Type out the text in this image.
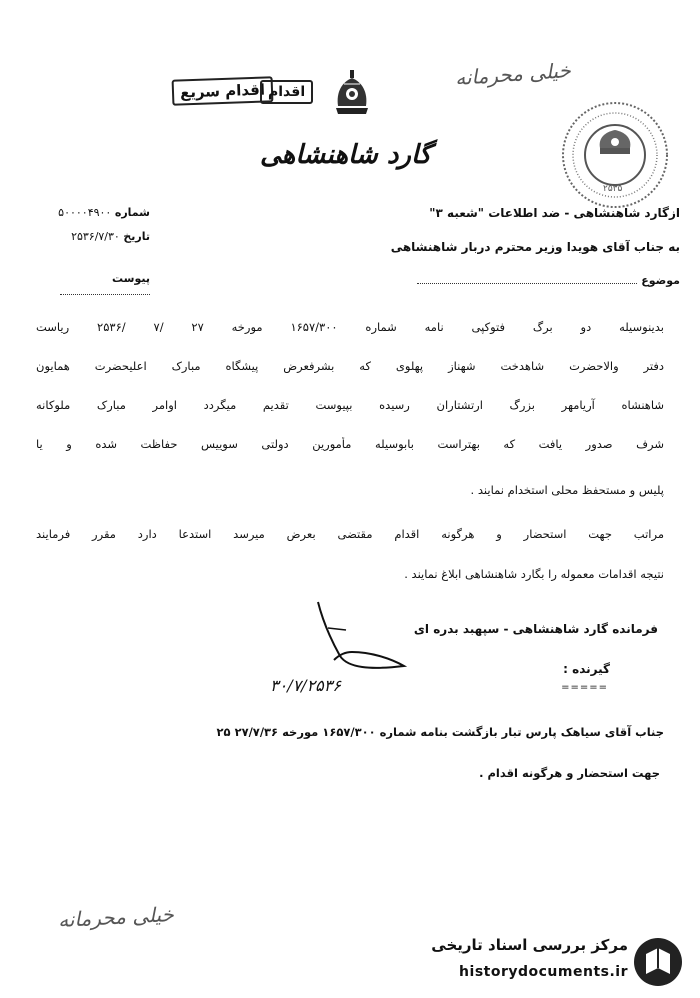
خیلی محرمانه
اقدام سریع اقدام
گارد شاهنشاهی
۲۵۳۵
شماره ۵۰۰۰۰۴۹۰۰
تاریخ ۲۵۳۶/۷/۳۰
پیوست
ازگارد شاهنشاهی - ضد اطلاعات "شعبه ۳"
به جناب آقای هویدا وزیر محترم دربار شاهنشاهی
موضوع
بدینوسیله دو برگ فتوکپی نامه شماره ۱۶۵۷/۳۰۰ مورخه ۲۷ /۷ /۲۵۳۶ ریاست
دفتر والاحضرت شاهدخت شهناز پهلوی که بشرفعرض پیشگاه مبارک اعلیحضرت همایون
شاهنشاه آریامهر بزرگ ارتشتاران رسیده بپیوست تقدیم میگردد اوامر مبارک ملوکانه
شرف صدور یافت که بهتراست بابوسیله مأمورین دولتی سوییس حفاظت شده و یا
پلیس و مستحفظ محلی استخدام نمایند .
مراتب جهت استحضار و هرگونه اقدام مقتضی بعرض میرسد استدعا دارد مقرر فرمایند
نتیجه اقدامات معموله را بگارد شاهنشاهی ابلاغ نمایند .
فرمانده گارد شاهنشاهی - سپهبد بدره ای
۳۰/۷/۲۵۳۶
گیرنده :
=====
جناب آقای سیاهک پارس تبار بازگشت بنامه شماره ۱۶۵۷/۳۰۰ مورخه ۲۷/۷/۳۶ ۲۵
جهت استحضار و هرگونه اقدام .
خیلی محرمانه
مرکز بررسی اسناد تاریخی
historydocuments.ir
